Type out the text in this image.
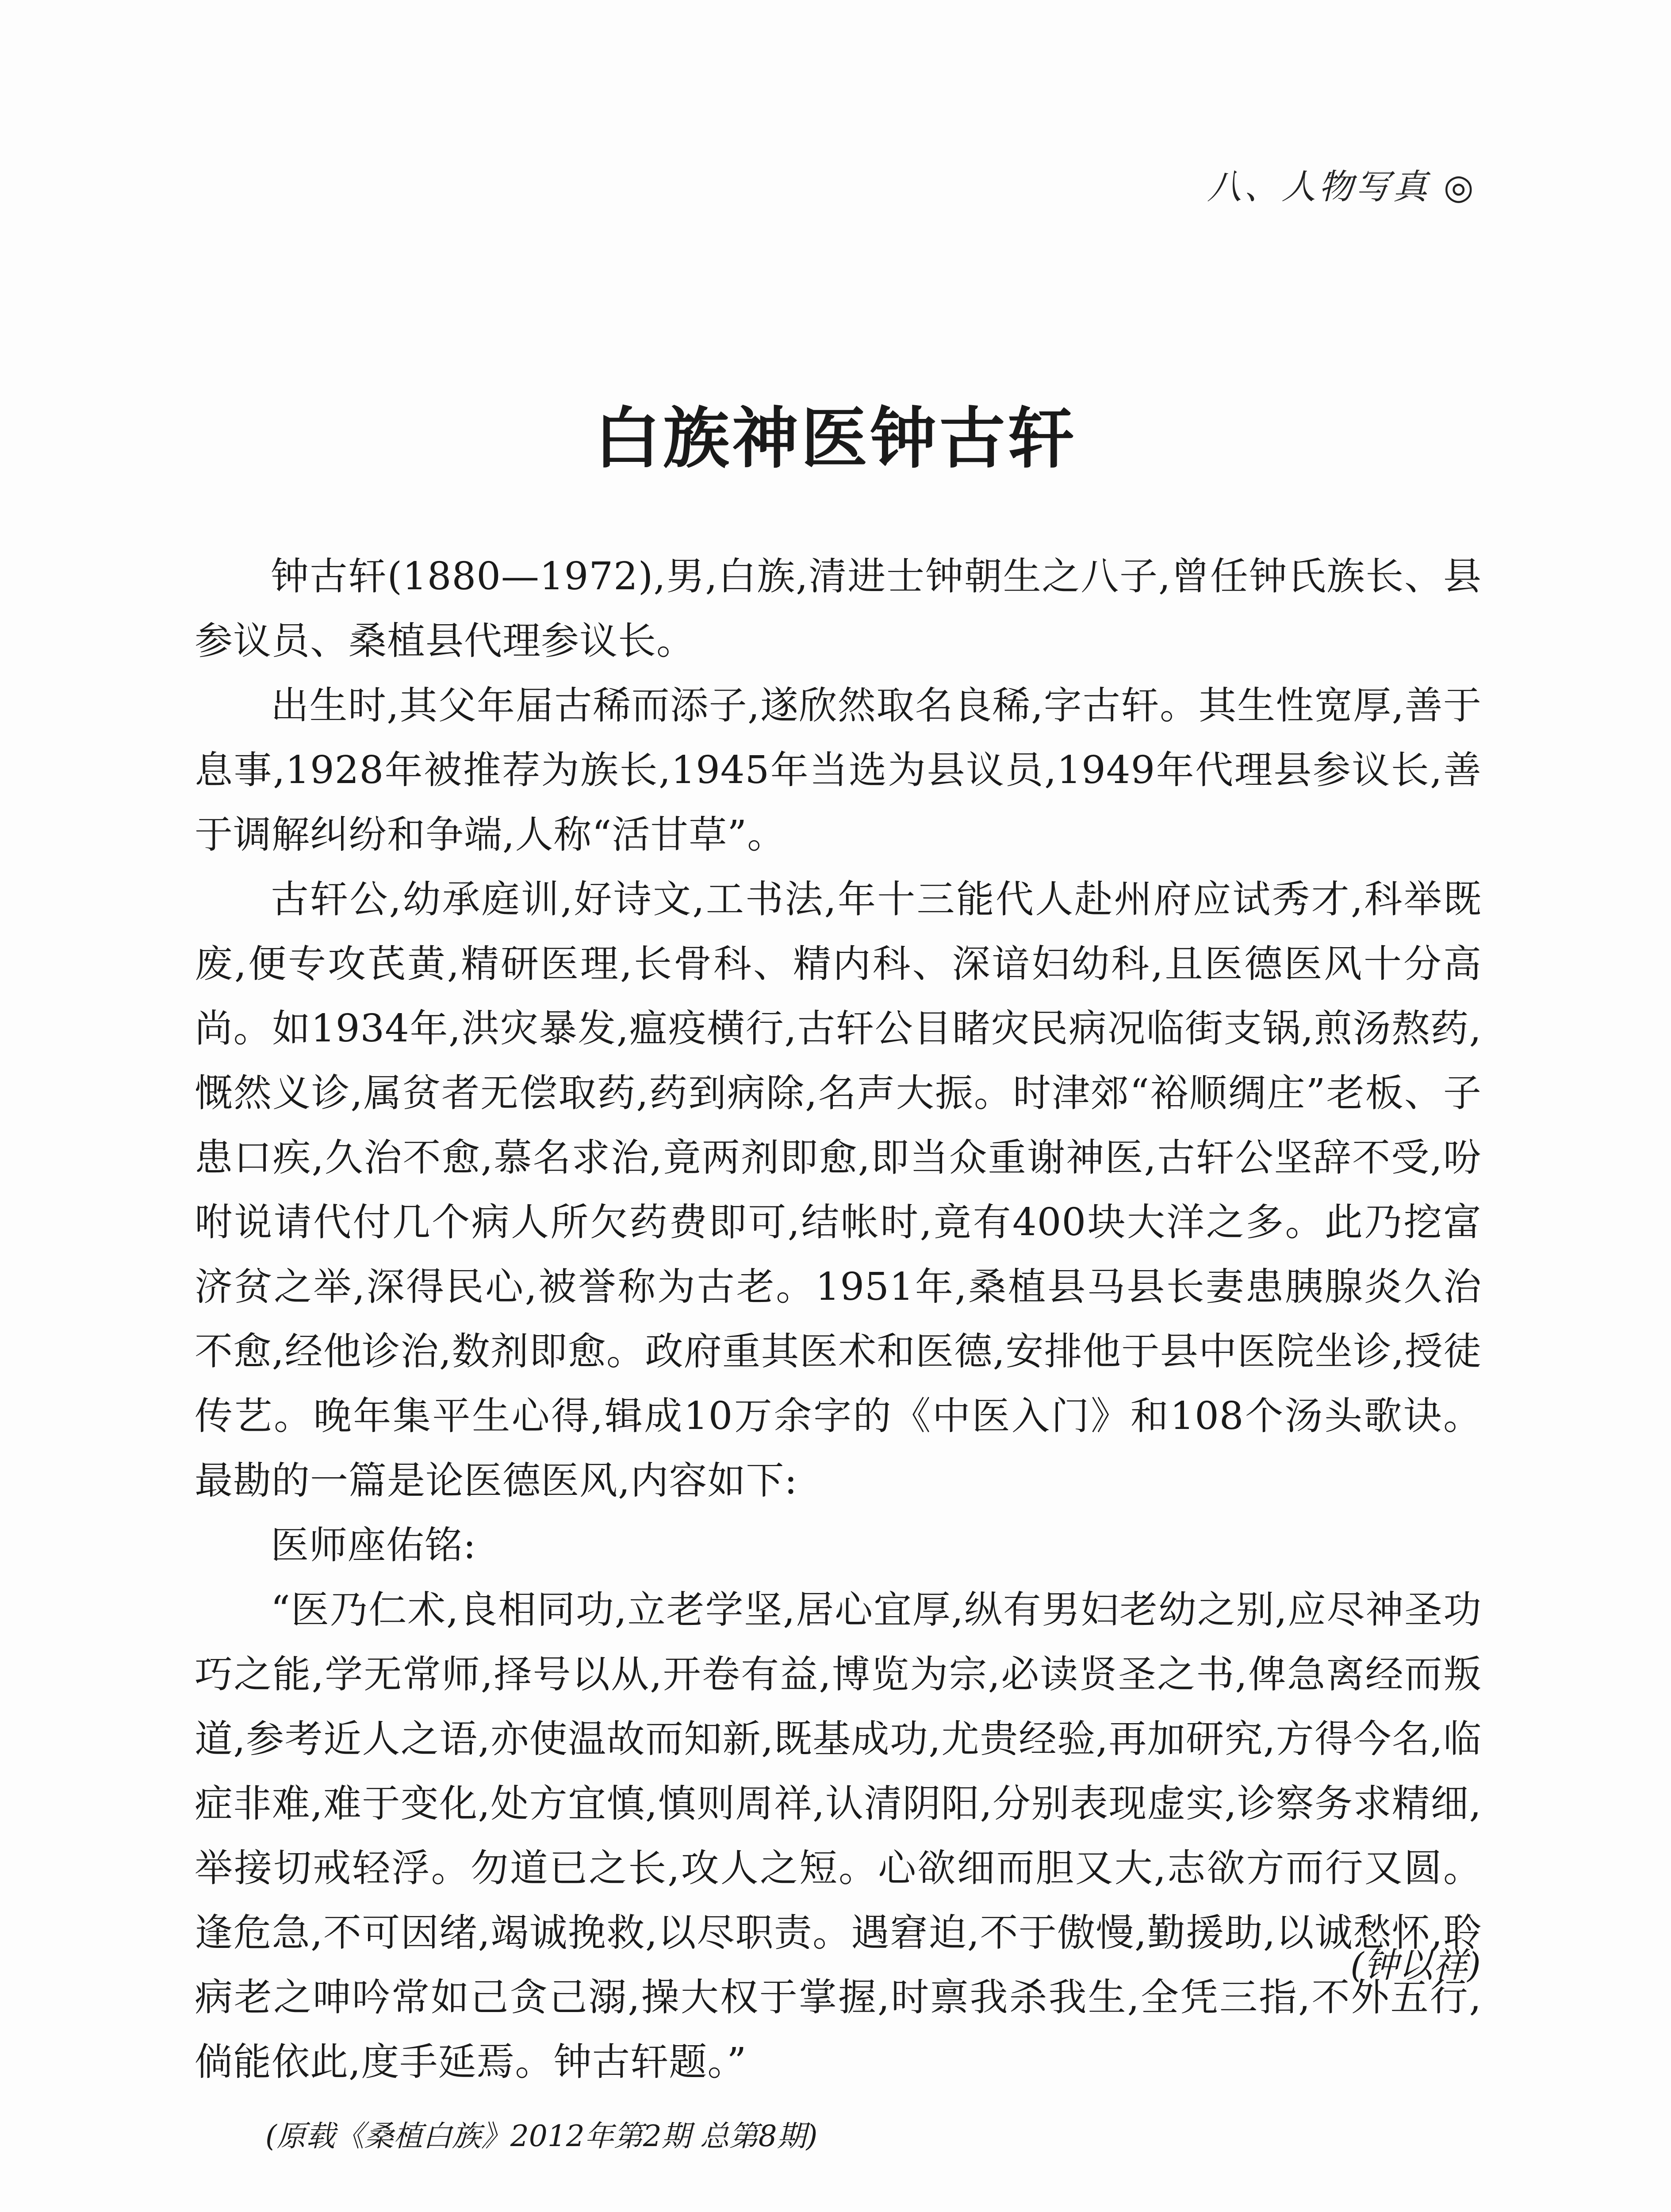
八、人物写真 ◎
白族神医钟古轩

钟古轩(1880—1972),男,白族,清进士钟朝生之八子,曾任钟氏族长、县参议员、桑植县代理参议长。

出生时,其父年届古稀而添子,遂欣然取名良稀,字古轩。其生性宽厚,善于息事,1928年被推荐为族长,1945年当选为县议员,1949年代理县参议长,善于调解纠纷和争端,人称“活甘草”。

古轩公,幼承庭训,好诗文,工书法,年十三能代人赴州府应试秀才,科举既废,便专攻芪黄,精研医理,长骨科、精内科、深谙妇幼科,且医德医风十分高尚。如1934年,洪灾暴发,瘟疫横行,古轩公目睹灾民病况临街支锅,煎汤熬药,慨然义诊,属贫者无偿取药,药到病除,名声大振。时津郊“裕顺绸庄”老板、子患口疾,久治不愈,慕名求治,竟两剂即愈,即当众重谢神医,古轩公坚辞不受,吩咐说请代付几个病人所欠药费即可,结帐时,竟有400块大洋之多。此乃挖富济贫之举,深得民心,被誉称为古老。1951年,桑植县马县长妻患胰腺炎久治不愈,经他诊治,数剂即愈。政府重其医术和医德,安排他于县中医院坐诊,授徒传艺。晚年集平生心得,辑成10万余字的《中医入门》和108个汤头歌诀。最勘的一篇是论医德医风,内容如下:

医师座佑铭:

“医乃仁术,良相同功,立老学坚,居心宜厚,纵有男妇老幼之别,应尽神圣功巧之能,学无常师,择号以从,开卷有益,博览为宗,必读贤圣之书,俾急离经而叛道,参考近人之语,亦使温故而知新,既基成功,尤贵经验,再加研究,方得今名,临症非难,难于变化,处方宜慎,慎则周祥,认清阴阳,分别表现虚实,诊察务求精细,举接切戒轻浮。勿道已之长,攻人之短。心欲细而胆又大,志欲方而行又圆。逢危急,不可因绪,竭诚挽救,以尽职责。遇窘迫,不于傲慢,勤援助,以诚愁怀,聆病老之呻吟常如己贪己溺,操大权于掌握,时禀我杀我生,全凭三指,不外五行,倘能依此,度手延焉。钟古轩题。”

(钟以祥)
(原载《桑植白族》2012年第2期 总第8期)
